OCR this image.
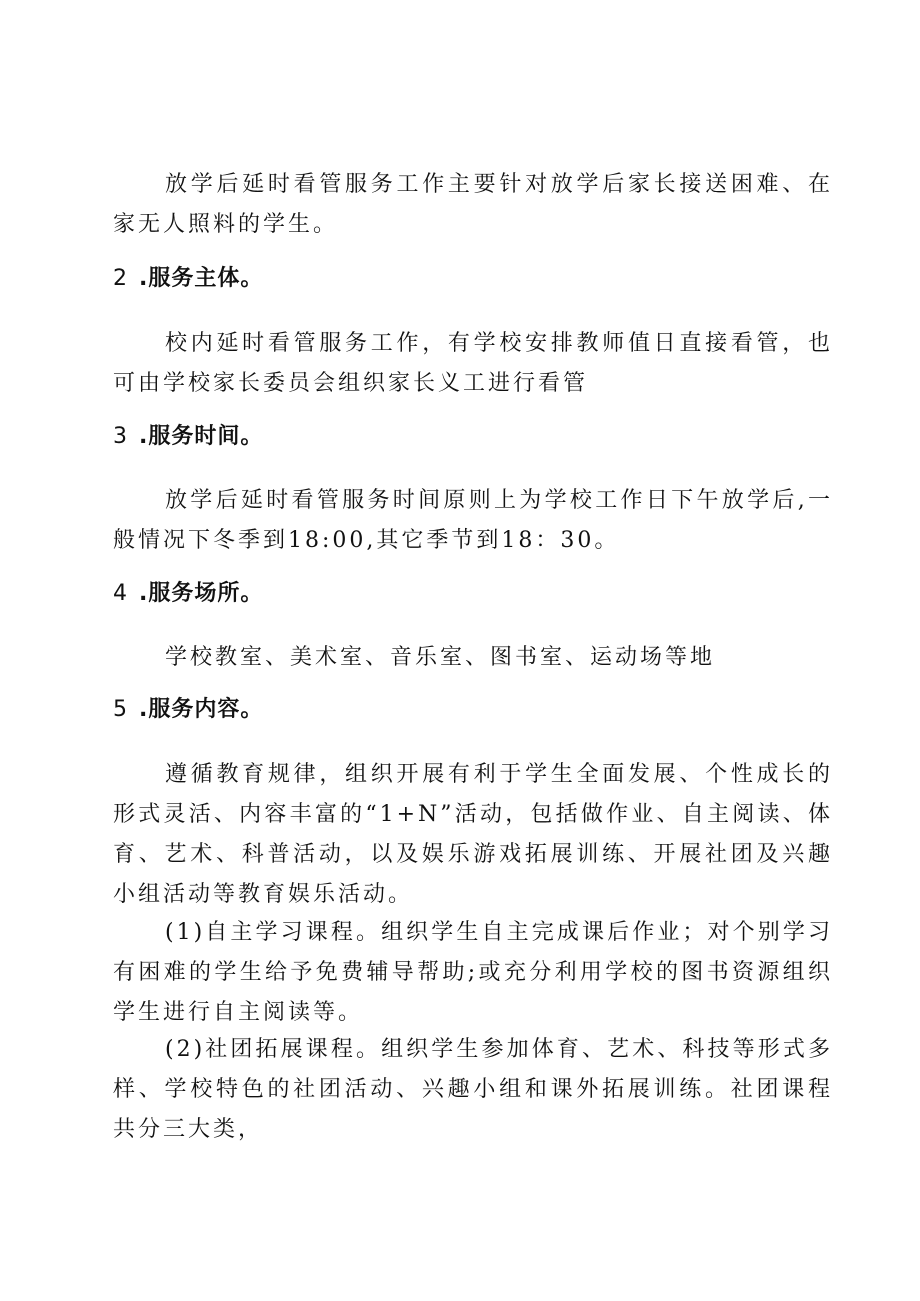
放学后延时看管服务工作主要针对放学后家长接送困难、在家无人照料的学生。

2 .服务主体。

校内延时看管服务工作，有学校安排教师值日直接看管，也可由学校家长委员会组织家长义工进行看管

3 .服务时间。

放学后延时看管服务时间原则上为学校工作日下午放学后,一般情况下冬季到18:00,其它季节到18：30。

4 .服务场所。

学校教室、美术室、音乐室、图书室、运动场等地

5 .服务内容。

遵循教育规律，组织开展有利于学生全面发展、个性成长的形式灵活、内容丰富的“1+N”活动，包括做作业、自主阅读、体育、艺术、科普活动，以及娱乐游戏拓展训练、开展社团及兴趣小组活动等教育娱乐活动。

(1)自主学习课程。组织学生自主完成课后作业；对个别学习有困难的学生给予免费辅导帮助;或充分利用学校的图书资源组织学生进行自主阅读等。

(2)社团拓展课程。组织学生参加体育、艺术、科技等形式多样、学校特色的社团活动、兴趣小组和课外拓展训练。社团课程共分三大类，
